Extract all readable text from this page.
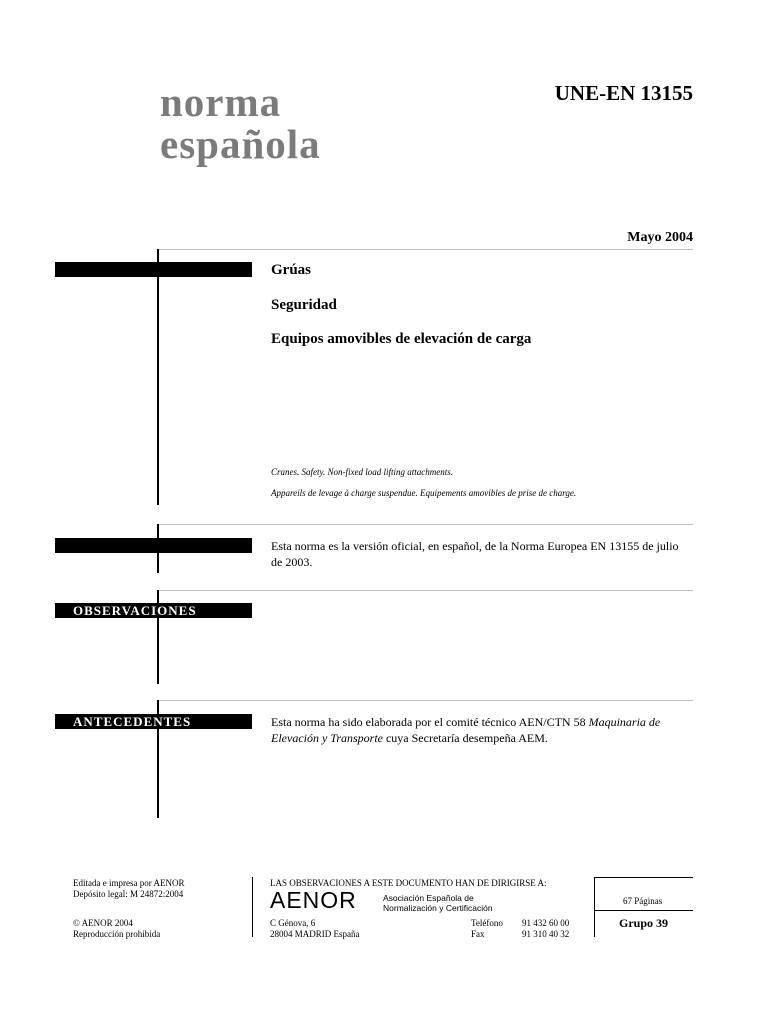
norma
española
UNE-EN 13155
Mayo 2004
Grúas
Seguridad
Equipos amovibles de elevación de carga
Cranes. Safety. Non-fixed load lifting attachments.
Appareils de levage à charge suspendue. Equipements amovibles de prise de charge.
Esta norma es la versión oficial, en español, de la Norma Europea EN 13155 de julio
de 2003.
OBSERVACIONES
ANTECEDENTES	Esta norma ha sido elaborada por el comité técnico AEN/CTN 58 Maquinaria de
Elevación y Transporte cuya Secretaría desempeña AEM.
Editada e impresa por AENOR
Depósito legal: M 24872:2004
© AENOR 2004
Reproducción prohibida
LAS OBSERVACIONES A ESTE DOCUMENTO HAN DE DIRIGIRSE A:
AENOR	Asociación Española de
Normalización y Certificación
C Génova, 6
28004 MADRID España
Teléfono 91 432 60 00
Fax	91 310 40 32
67 Páginas
Grupo 39
